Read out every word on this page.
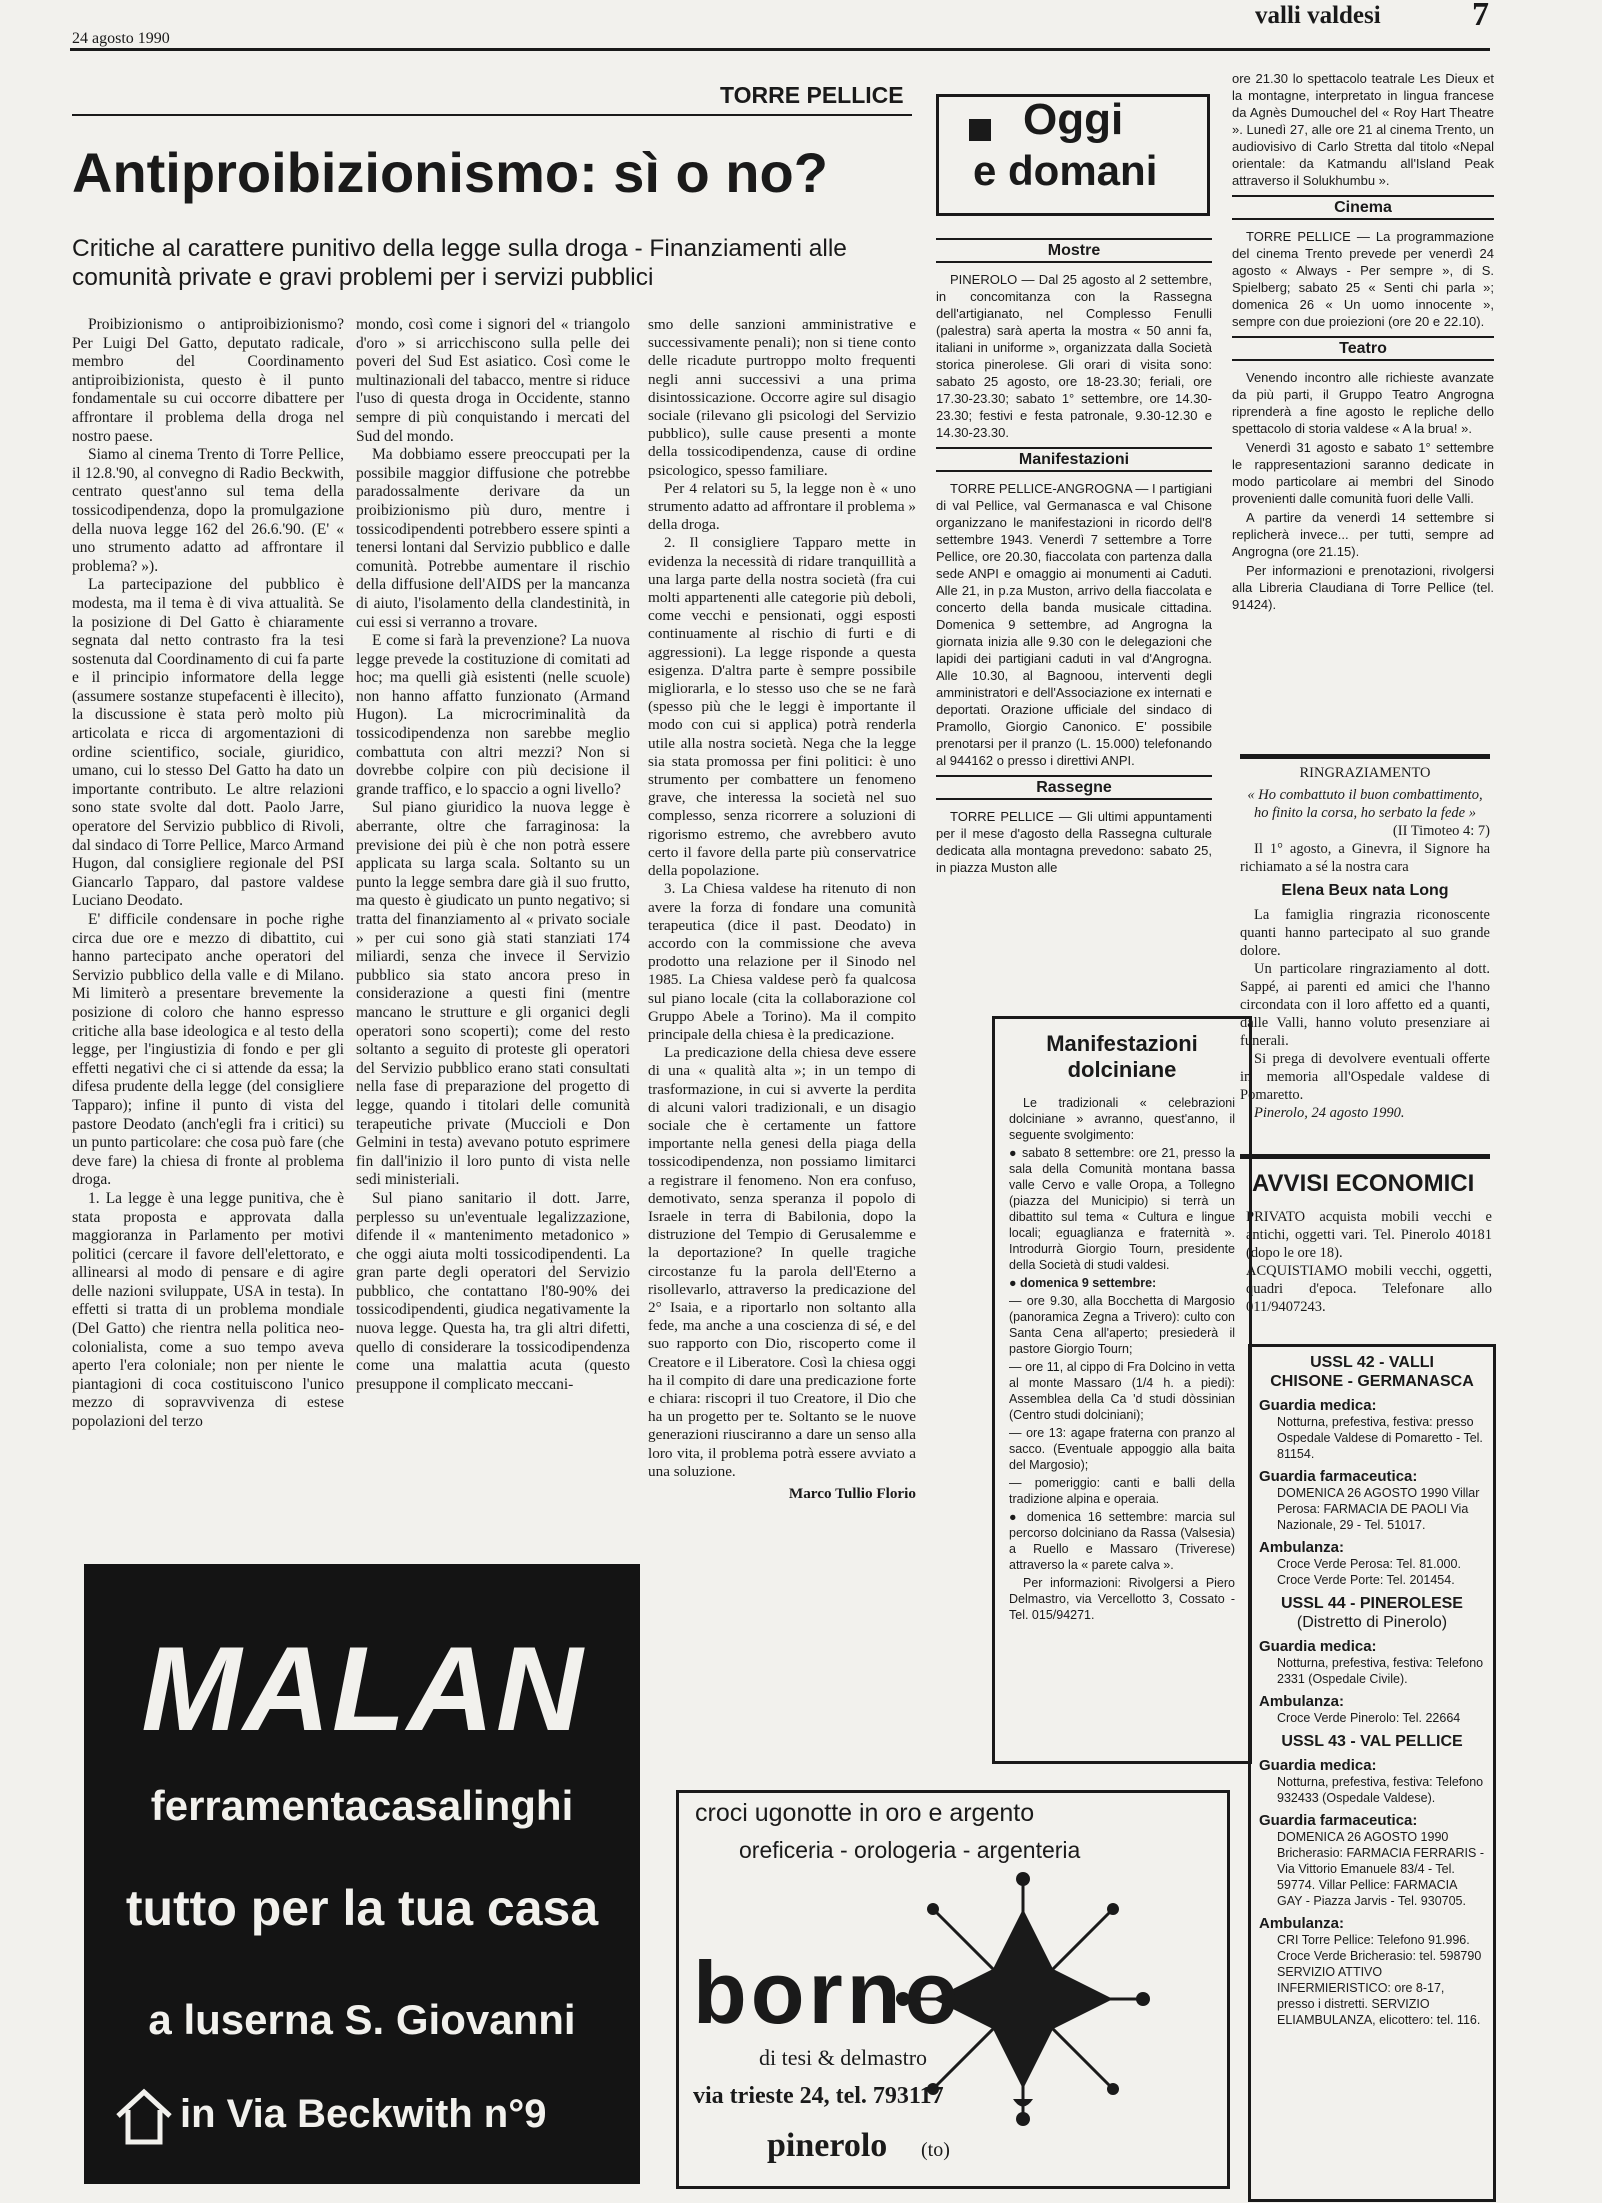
24 agosto 1990
valli valdesi	7
TORRE PELLICE
Antiproibizionismo: sì o no?
Critiche al carattere punitivo della legge sulla droga - Finanziamenti alle comunità private e gravi problemi per i servizi pubblici

Proibizionismo o antiproibizionismo? Per Luigi Del Gatto, deputato radicale, membro del Coordinamento antiproibizionista, questo è il punto fondamentale su cui occorre dibattere per affrontare il problema della droga nel nostro paese.

Siamo al cinema Trento di Torre Pellice, il 12.8.'90, al convegno di Radio Beckwith, centrato quest'anno sul tema della tossicodipendenza, dopo la promulgazione della nuova legge 162 del 26.6.'90. (E' « uno strumento adatto ad affrontare il problema? »).

La partecipazione del pubblico è modesta, ma il tema è di viva attualità. Se la posizione di Del Gatto è chiaramente segnata dal netto contrasto fra la tesi sostenuta dal Coordinamento di cui fa parte e il principio informatore della legge (assumere sostanze stupefacenti è illecito), la discussione è stata però molto più articolata e ricca di argomentazioni di ordine scientifico, sociale, giuridico, umano, cui lo stesso Del Gatto ha dato un importante contributo. Le altre relazioni sono state svolte dal dott. Paolo Jarre, operatore del Servizio pubblico di Rivoli, dal sindaco di Torre Pellice, Marco Armand Hugon, dal consigliere regionale del PSI Giancarlo Tapparo, dal pastore valdese Luciano Deodato.

E' difficile condensare in poche righe circa due ore e mezzo di dibattito, cui hanno partecipato anche operatori del Servizio pubblico della valle e di Milano. Mi limiterò a presentare brevemente la posizione di coloro che hanno espresso critiche alla base ideologica e al testo della legge, per l'ingiustizia di fondo e per gli effetti negativi che ci si attende da essa; la difesa prudente della legge (del consigliere Tapparo); infine il punto di vista del pastore Deodato (anch'egli fra i critici) su un punto particolare: che cosa può fare (che deve fare) la chiesa di fronte al problema droga.

1. La legge è una legge punitiva, che è stata proposta e approvata dalla maggioranza in Parlamento per motivi politici (cercare il favore dell'elettorato, e allinearsi al modo di pensare e di agire delle nazioni sviluppate, USA in testa). In effetti si tratta di un problema mondiale (Del Gatto) che rientra nella politica neo-colonialista, come a suo tempo aveva aperto l'era coloniale; non per niente le piantagioni di coca costituiscono l'unico mezzo di sopravvivenza di estese popolazioni del terzo

mondo, così come i signori del « triangolo d'oro » si arricchiscono sulla pelle dei poveri del Sud Est asiatico. Così come le multinazionali del tabacco, mentre si riduce l'uso di questa droga in Occidente, stanno sempre di più conquistando i mercati del Sud del mondo.

Ma dobbiamo essere preoccupati per la possibile maggior diffusione che potrebbe paradossalmente derivare da un proibizionismo più duro, mentre i tossicodipendenti potrebbero essere spinti a tenersi lontani dal Servizio pubblico e dalle comunità. Potrebbe aumentare il rischio della diffusione dell'AIDS per la mancanza di aiuto, l'isolamento della clandestinità, in cui essi si verranno a trovare.

E come si farà la prevenzione? La nuova legge prevede la costituzione di comitati ad hoc; ma quelli già esistenti (nelle scuole) non hanno affatto funzionato (Armand Hugon). La microcriminalità da tossicodipendenza non sarebbe meglio combattuta con altri mezzi? Non si dovrebbe colpire con più decisione il grande traffico, e lo spaccio a ogni livello?

Sul piano giuridico la nuova legge è aberrante, oltre che farraginosa: la previsione dei più è che non potrà essere applicata su larga scala. Soltanto su un punto la legge sembra dare già il suo frutto, ma questo è giudicato un punto negativo; si tratta del finanziamento al « privato sociale » per cui sono già stati stanziati 174 miliardi, senza che invece il Servizio pubblico sia stato ancora preso in considerazione a questi fini (mentre mancano le strutture e gli organici degli operatori sono scoperti); come del resto soltanto a seguito di proteste gli operatori del Servizio pubblico erano stati consultati nella fase di preparazione del progetto di legge, quando i titolari delle comunità terapeutiche private (Muccioli e Don Gelmini in testa) avevano potuto esprimere fin dall'inizio il loro punto di vista nelle sedi ministeriali.

Sul piano sanitario il dott. Jarre, perplesso su un'eventuale legalizzazione, difende il « mantenimento metadonico » che oggi aiuta molti tossicodipendenti. La gran parte degli operatori del Servizio pubblico, che contattano l'80-90% dei tossicodipendenti, giudica negativamente la nuova legge. Questa ha, tra gli altri difetti, quello di considerare la tossicodipendenza come una malattia acuta (questo presuppone il complicato meccani-

smo delle sanzioni amministrative e successivamente penali); non si tiene conto delle ricadute purtroppo molto frequenti negli anni successivi a una prima disintossicazione. Occorre agire sul disagio sociale (rilevano gli psicologi del Servizio pubblico), sulle cause presenti a monte della tossicodipendenza, cause di ordine psicologico, spesso familiare.

Per 4 relatori su 5, la legge non è « uno strumento adatto ad affrontare il problema » della droga.

2. Il consigliere Tapparo mette in evidenza la necessità di ridare tranquillità a una larga parte della nostra società (fra cui molti appartenenti alle categorie più deboli, come vecchi e pensionati, oggi esposti continuamente al rischio di furti e di aggressioni). La legge risponde a questa esigenza. D'altra parte è sempre possibile migliorarla, e lo stesso uso che se ne farà (spesso più che le leggi è importante il modo con cui si applica) potrà renderla utile alla nostra società. Nega che la legge sia stata promossa per fini politici: è uno strumento per combattere un fenomeno grave, che interessa la società nel suo complesso, senza ricorrere a soluzioni di rigorismo estremo, che avrebbero avuto certo il favore della parte più conservatrice della popolazione.

3. La Chiesa valdese ha ritenuto di non avere la forza di fondare una comunità terapeutica (dice il past. Deodato) in accordo con la commissione che aveva prodotto una relazione per il Sinodo nel 1985. La Chiesa valdese però fa qualcosa sul piano locale (cita la collaborazione col Gruppo Abele a Torino). Ma il compito principale della chiesa è la predicazione.

La predicazione della chiesa deve essere di una « qualità alta »; in un tempo di trasformazione, in cui si avverte la perdita di alcuni valori tradizionali, e un disagio sociale che è certamente un fattore importante nella genesi della piaga della tossicodipendenza, non possiamo limitarci a registrare il fenomeno. Non era confuso, demotivato, senza speranza il popolo di Israele in terra di Babilonia, dopo la distruzione del Tempio di Gerusalemme e la deportazione? In quelle tragiche circostanze fu la parola dell'Eterno a risollevarlo, attraverso la predicazione del 2° Isaia, e a riportarlo non soltanto alla fede, ma anche a una coscienza di sé, e del suo rapporto con Dio, riscoperto come il Creatore e il Liberatore. Così la chiesa oggi ha il compito di dare una predicazione forte e chiara: riscopri il tuo Creatore, il Dio che ha un progetto per te. Soltanto se le nuove generazioni riusciranno a dare un senso alla loro vita, il problema potrà essere avviato a una soluzione.

Marco Tullio Florio
Oggi
e domani
Mostre

PINEROLO — Dal 25 agosto al 2 settembre, in concomitanza con la Rassegna dell'artigianato, nel Complesso Fenulli (palestra) sarà aperta la mostra « 50 anni fa, italiani in uniforme », organizzata dalla Società storica pinerolese. Gli orari di visita sono: sabato 25 agosto, ore 18-23.30; feriali, ore 17.30-23.30; sabato 1° settembre, ore 14.30-23.30; festivi e festa patronale, 9.30-12.30 e 14.30-23.30.

Manifestazioni

TORRE PELLICE-ANGROGNA — I partigiani di val Pellice, val Germanasca e val Chisone organizzano le manifestazioni in ricordo dell'8 settembre 1943. Venerdì 7 settembre a Torre Pellice, ore 20.30, fiaccolata con partenza dalla sede ANPI e omaggio ai monumenti ai Caduti. Alle 21, in p.za Muston, arrivo della fiaccolata e concerto della banda musicale cittadina. Domenica 9 settembre, ad Angrogna la giornata inizia alle 9.30 con le delegazioni che lapidi dei partigiani caduti in val d'Angrogna. Alle 10.30, al Bagnoou, interventi degli amministratori e dell'Associazione ex internati e deportati. Orazione ufficiale del sindaco di Pramollo, Giorgio Canonico. E' possibile prenotarsi per il pranzo (L. 15.000) telefonando al 944162 o presso i direttivi ANPI.

Rassegne

TORRE PELLICE — Gli ultimi appuntamenti per il mese d'agosto della Rassegna culturale dedicata alla montagna prevedono: sabato 25, in piazza Muston alle

ore 21.30 lo spettacolo teatrale Les Dieux et la montagne, interpretato in lingua francese da Agnès Dumouchel del « Roy Hart Theatre ». Lunedì 27, alle ore 21 al cinema Trento, un audiovisivo di Carlo Stretta dal titolo «Nepal orientale: da Katmandu all'Island Peak attraverso il Solukhumbu ».

Cinema

TORRE PELLICE — La programmazione del cinema Trento prevede per venerdì 24 agosto « Always - Per sempre », di S. Spielberg; sabato 25 « Senti chi parla »; domenica 26 « Un uomo innocente », sempre con due proiezioni (ore 20 e 22.10).

Teatro

Venendo incontro alle richieste avanzate da più parti, il Gruppo Teatro Angrogna riprenderà a fine agosto le repliche dello spettacolo di storia valdese « A la brua! ».

Venerdì 31 agosto e sabato 1° settembre le rappresentazioni saranno dedicate in modo particolare ai membri del Sinodo provenienti dalle comunità fuori delle Valli.

A partire da venerdì 14 settembre si replicherà invece... per tutti, sempre ad Angrogna (ore 21.15).

Per informazioni e prenotazioni, rivolgersi alla Libreria Claudiana di Torre Pellice (tel. 91424).

Manifestazioni
dolciniane

Le tradizionali « celebrazioni dolciniane » avranno, quest'anno, il seguente svolgimento:

● sabato 8 settembre: ore 21, presso la sala della Comunità montana bassa valle Cervo e valle Oropa, a Tollegno (piazza del Municipio) si terrà un dibattito sul tema « Cultura e lingue locali; eguaglianza e fraternità ». Introdurrà Giorgio Tourn, presidente della Società di studi valdesi.

● domenica 9 settembre:

— ore 9.30, alla Bocchetta di Margosio (panoramica Zegna a Trivero): culto con Santa Cena all'aperto; presiederà il pastore Giorgio Tourn;

— ore 11, al cippo di Fra Dolcino in vetta al monte Massaro (1/4 h. a piedi): Assemblea della Ca 'd studi dòssinian (Centro studi dolciniani);

— ore 13: agape fraterna con pranzo al sacco. (Eventuale appoggio alla baita del Margosio);

— pomeriggio: canti e balli della tradizione alpina e operaia.

● domenica 16 settembre: marcia sul percorso dolciniano da Rassa (Valsesia) a Ruello e Massaro (Triverese) attraverso la « parete calva ».

Per informazioni: Rivolgersi a Piero Delmastro, via Vercellotto 3, Cossato - Tel. 015/94271.

RINGRAZIAMENTO
« Ho combattuto il buon combattimento, ho finito la corsa, ho serbato la fede »
(II Timoteo 4: 7)
Il 1° agosto, a Ginevra, il Signore ha richiamato a sé la nostra cara
Elena Beux nata Long
La famiglia ringrazia riconoscente quanti hanno partecipato al suo grande dolore.
Un particolare ringraziamento al dott. Sappé, ai parenti ed amici che l'hanno circondata con il loro affetto ed a quanti, dalle Valli, hanno voluto presenziare ai funerali.
Si prega di devolvere eventuali offerte in memoria all'Ospedale valdese di Pomaretto.
Pinerolo, 24 agosto 1990.
AVVISI ECONOMICI
PRIVATO acquista mobili vecchi e antichi, oggetti vari. Tel. Pinerolo 40181 (dopo le ore 18).
ACQUISTIAMO mobili vecchi, oggetti, quadri d'epoca. Telefonare allo 011/9407243.
USSL 42 - VALLI
CHISONE - GERMANASCA
Guardia medica:
Notturna, prefestiva, festiva: presso Ospedale Valdese di Pomaretto - Tel. 81154.
Guardia farmaceutica:
DOMENICA 26 AGOSTO 1990 Villar Perosa: FARMACIA DE PAOLI Via Nazionale, 29 - Tel. 51017.
Ambulanza:
Croce Verde Perosa: Tel. 81.000. Croce Verde Porte: Tel. 201454.
USSL 44 - PINEROLESE
(Distretto di Pinerolo)
Guardia medica:
Notturna, prefestiva, festiva: Telefono 2331 (Ospedale Civile).
Ambulanza:
Croce Verde Pinerolo: Tel. 22664
USSL 43 - VAL PELLICE
Guardia medica:
Notturna, prefestiva, festiva: Telefono 932433 (Ospedale Valdese).
Guardia farmaceutica:
DOMENICA 26 AGOSTO 1990 Bricherasio: FARMACIA FERRARIS - Via Vittorio Emanuele 83/4 - Tel. 59774. Villar Pellice: FARMACIA GAY - Piazza Jarvis - Tel. 930705.
Ambulanza:
CRI Torre Pellice: Telefono 91.996. Croce Verde Bricherasio: tel. 598790 SERVIZIO ATTIVO INFERMIERISTICO: ore 8-17, presso i distretti. SERVIZIO ELIAMBULANZA, elicottero: tel. 116.
MALAN
ferramentacasalinghi
tutto per la tua casa
a luserna S. Giovanni
in Via Beckwith n°9
croci ugonotte in oro e argento
oreficeria - orologeria - argenteria
borno
di tesi & delmastro
via trieste 24, tel. 793117
pinerolo (to)
